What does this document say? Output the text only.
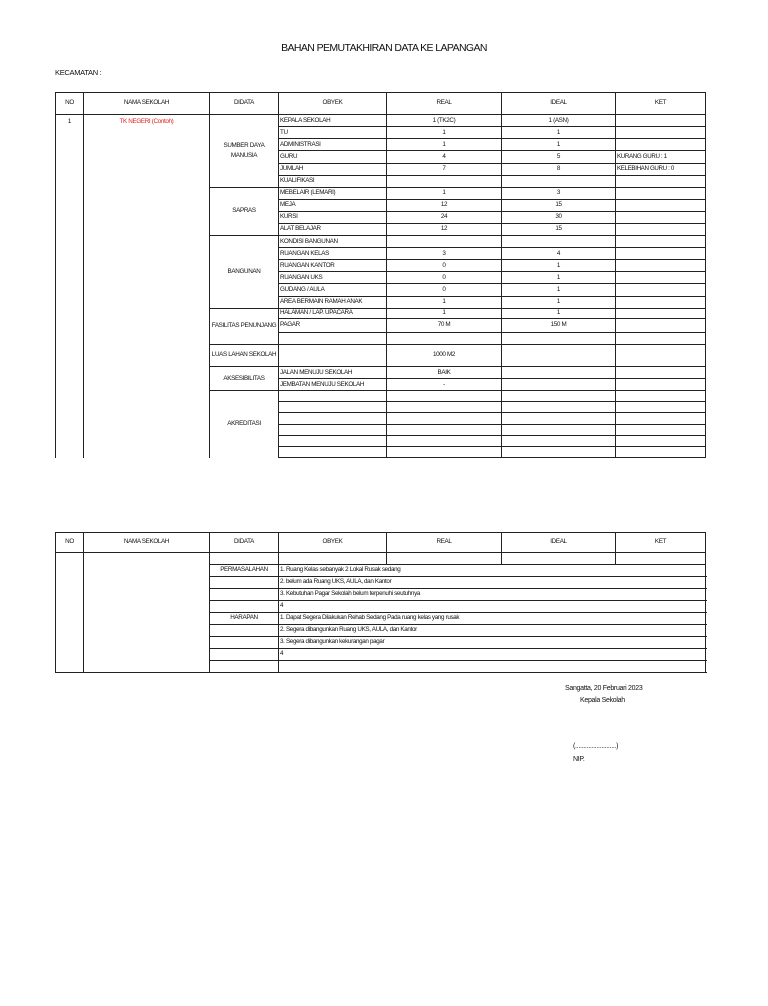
BAHAN PEMUTAKHIRAN DATA KE LAPANGAN
KECAMATAN :
NO	NAMA SEKOLAH	DIDATA	OBYEK	REAL	IDEAL	KET
1	TK NEGERI (Contoh)	SUMBER DAYA MANUSIA	KEPALA SEKOLAH	1 (TK2C)	1 (ASN)	
			TU	1	1	
			ADMINISTRASI	1	1	
			GURU	4	5	KURANG GURU : 1
			JUMLAH	7	8	KELEBIHAN GURU : 0
			KUALIFIKASI			
		SAPRAS	MEBELAIR (LEMARI)	1	3	
			MEJA	12	15	
			KURSI	24	30	
			ALAT BELAJAR	12	15	
		BANGUNAN	KONDISI BANGUNAN			
			RUANGAN KELAS	3	4	
			RUANGAN KANTOR	0	1	
			RUANGAN UKS	0	1	
			GUDANG / AULA	0	1	
			AREA BERMAIN RAMAH ANAK	1	1	
		FASILITAS PENUNJANG	HALAMAN / LAP. UPACARA	1	1	
			PAGAR	70 M	150 M	

		LUAS LAHAN SEKOLAH		1000 M2		
		AKSESIBILITAS	JALAN MENUJU SEKOLAH	BAIK		
			JEMBATAN MENUJU SEKOLAH	-		
		AKREDITASI				

NO	NAMA SEKOLAH	DIDATA	OBYEK	REAL	IDEAL	KET

		PERMASALAHAN	1. Ruang Kelas sebanyak 2 Lokal Rusak sedang			
			2. belum ada Ruang UKS, AULA, dan Kantor			
			3. Kebutuhan Pagar Sekolah belum terpenuhi seutuhnya			
			4			
		HARAPAN	1. Dapat Segera Dilakukan Rehab Sedang Pada ruang kelas yang rusak			
			2. Segera dibangunkan Ruang UKS, AULA, dan Kantor			
			3. Segera dibangunkan kekurangan pagar			
			4			

Sangatta, 20 Februari 2023
Kepala Sekolah
(.........................)
NIP.
